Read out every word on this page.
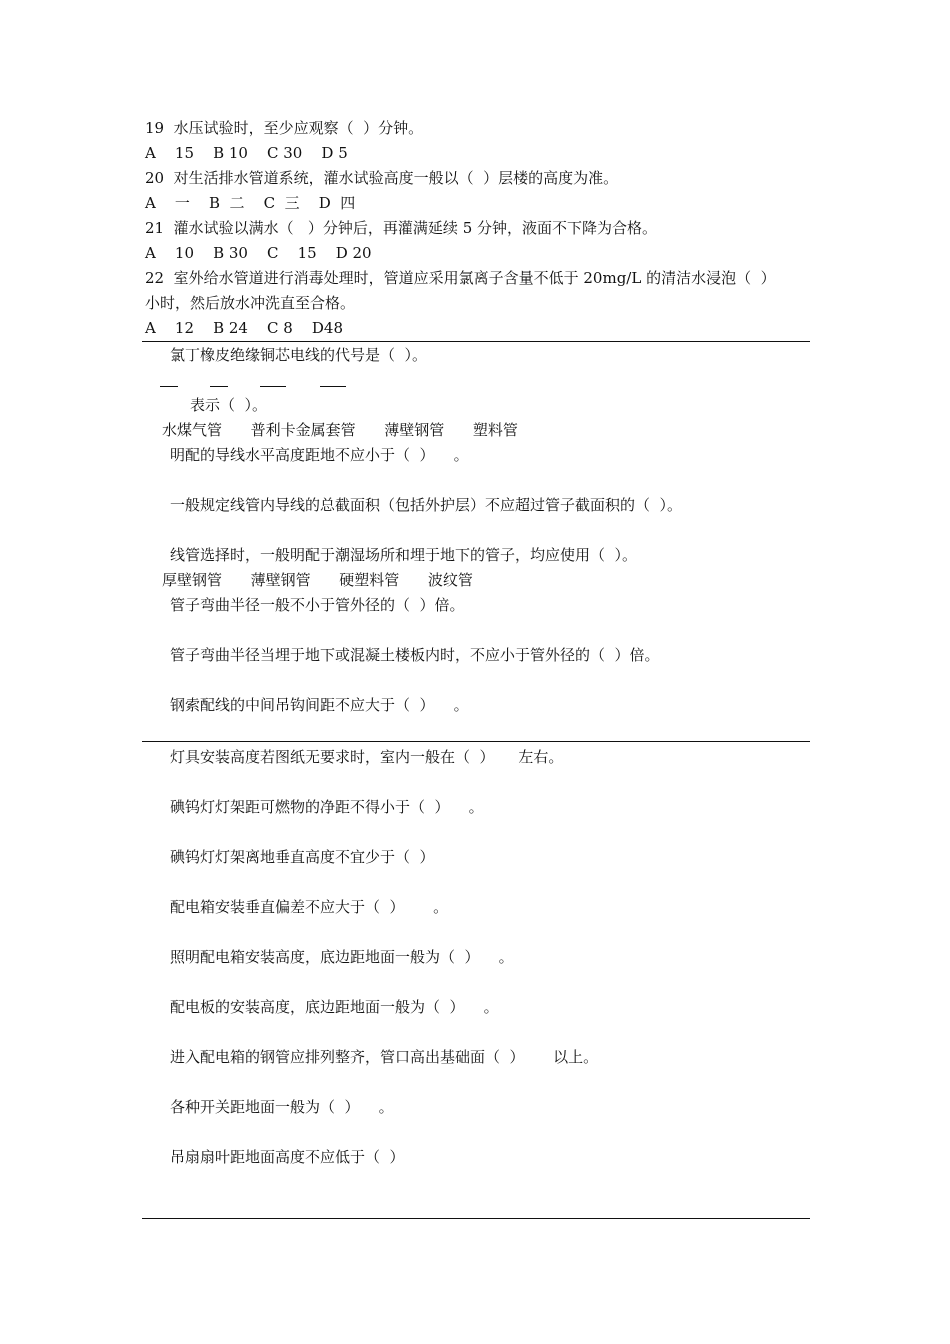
19  水压试验时，至少应观察（  ）分钟。
A    15    B 10    C 30    D 5
20  对生活排水管道系统，灌水试验高度一般以（  ）层楼的高度为准。
A    一    B  二    C  三    D  四
21  灌水试验以满水（   ）分钟后，再灌满延续 5 分钟，液面不下降为合格。
A    10    B 30    C    15    D 20
22  室外给水管道进行消毒处理时，管道应采用氯离子含量不低于 20mg/L 的清洁水浸泡（  ）
小时，然后放水冲洗直至合格。
A    12    B 24    C 8    D48
氯丁橡皮绝缘铜芯电线的代号是（  ）。
表示（  ）。
水煤气管      普利卡金属套管      薄壁钢管      塑料管
明配的导线水平高度距地不应小于（  ）    。
一般规定线管内导线的总截面积（包括外护层）不应超过管子截面积的（  ）。
线管选择时，一般明配于潮湿场所和埋于地下的管子，均应使用（  ）。
厚壁钢管      薄壁钢管      硬塑料管      波纹管
管子弯曲半径一般不小于管外径的（  ）倍。
管子弯曲半径当埋于地下或混凝土楼板内时，不应小于管外径的（  ）倍。
钢索配线的中间吊钩间距不应大于（  ）    。
灯具安装高度若图纸无要求时，室内一般在（  ）     左右。
碘钨灯灯架距可燃物的净距不得小于（  ）    。
碘钨灯灯架离地垂直高度不宜少于（  ）
配电箱安装垂直偏差不应大于（  ）      。
照明配电箱安装高度，底边距地面一般为（  ）    。
配电板的安装高度，底边距地面一般为（  ）    。
进入配电箱的钢管应排列整齐，管口高出基础面（  ）      以上。
各种开关距地面一般为（  ）    。
吊扇扇叶距地面高度不应低于（  ）
